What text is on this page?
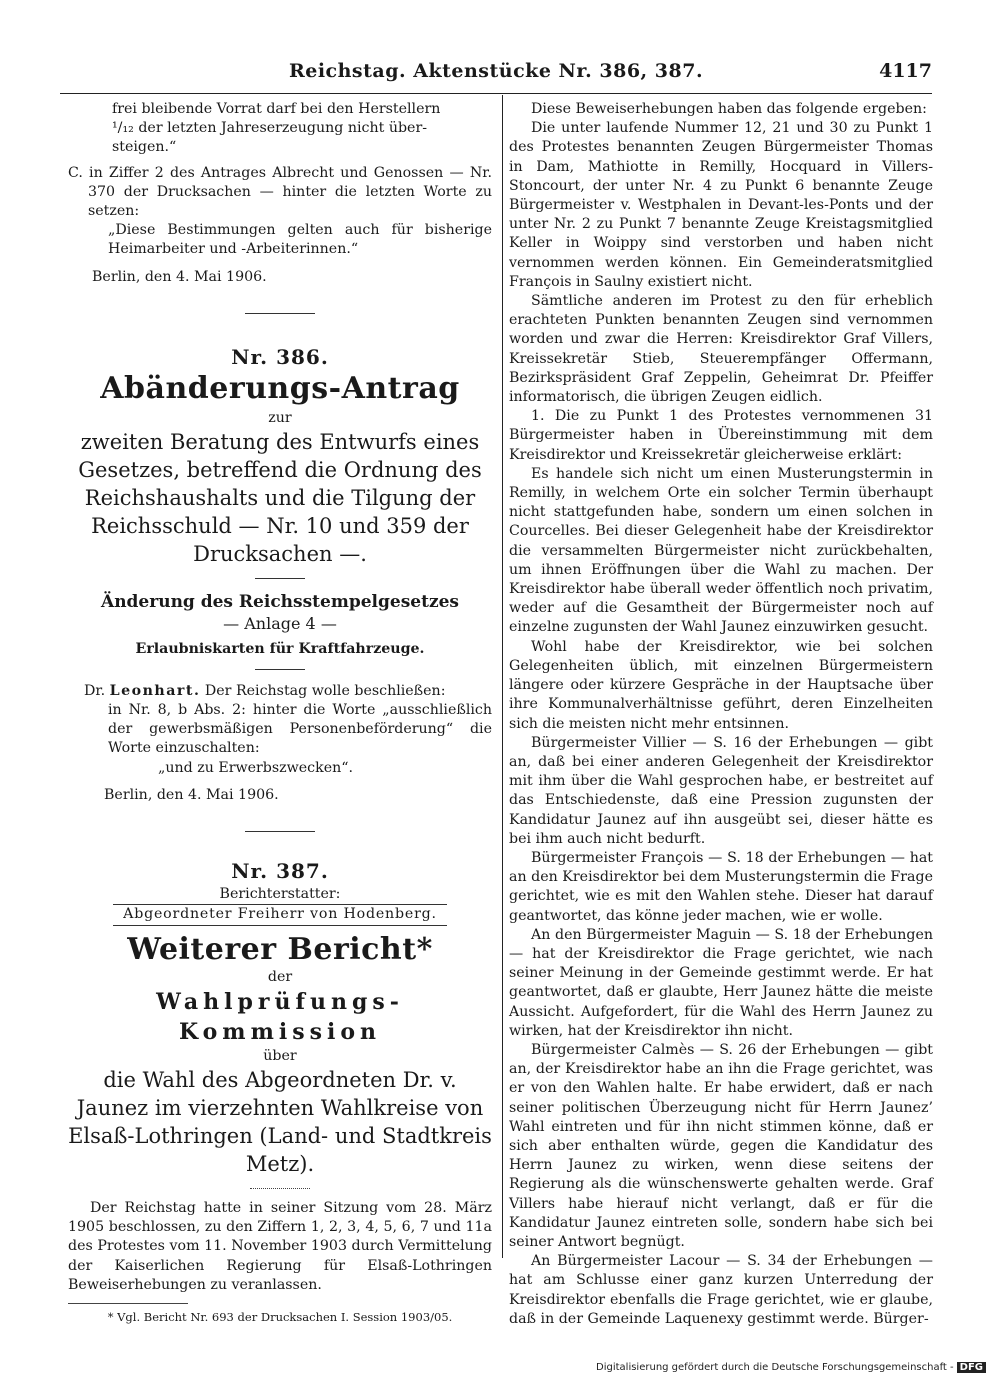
Reichstag. Aktenstücke Nr. 386, 387.	4117

frei bleibende Vorrat darf bei den Herstellern

¹/₁₂ der letzten Jahreserzeugung nicht über-

steigen.“

C. in Ziffer 2 des Antrages Albrecht und Genossen — Nr. 370 der Drucksachen — hinter die letzten Worte zu setzen:

„Diese Bestimmungen gelten auch für bisherige Heimarbeiter und -Arbeiterinnen.“

Berlin, den 4. Mai 1906.

Nr. 386.

Abänderungs-Antrag

zur

zweiten Beratung des Entwurfs eines Gesetzes, betreffend die Ordnung des Reichshaushalts und die Tilgung der Reichsschuld — Nr. 10 und 359 der Drucksachen —.

Änderung des Reichsstempelgesetzes

— Anlage 4 —

Erlaubniskarten für Kraftfahrzeuge.

Dr. Leonhart. Der Reichstag wolle beschließen:

in Nr. 8, b Abs. 2: hinter die Worte „ausschließlich der gewerbsmäßigen Personenbeförderung“ die Worte einzuschalten:

„und zu Erwerbszwecken“.

Berlin, den 4. Mai 1906.

Nr. 387.

Berichterstatter:

Abgeordneter Freiherr von Hodenberg.

Weiterer Bericht*

der

Wahlprüfungs-Kommission

über

die Wahl des Abgeordneten Dr. v. Jaunez im vierzehnten Wahlkreise von Elsaß-Lothringen (Land- und Stadtkreis Metz).

Der Reichstag hatte in seiner Sitzung vom 28. März 1905 beschlossen, zu den Ziffern 1, 2, 3, 4, 5, 6, 7 und 11a des Protestes vom 11. November 1903 durch Vermittelung der Kaiserlichen Regierung für Elsaß-Lothringen Beweiserhebungen zu veranlassen.

* Vgl. Bericht Nr. 693 der Drucksachen I. Session 1903/05.

Diese Beweiserhebungen haben das folgende ergeben:

Die unter laufende Nummer 12, 21 und 30 zu Punkt 1 des Protestes benannten Zeugen Bürgermeister Thomas in Dam, Mathiotte in Remilly, Hocquard in Villers-Stoncourt, der unter Nr. 4 zu Punkt 6 benannte Zeuge Bürgermeister v. Westphalen in Devant-les-Ponts und der unter Nr. 2 zu Punkt 7 benannte Zeuge Kreistagsmitglied Keller in Woippy sind verstorben und haben nicht vernommen werden können. Ein Gemeinderatsmitglied François in Saulny existiert nicht.

Sämtliche anderen im Protest zu den für erheblich erachteten Punkten benannten Zeugen sind vernommen worden und zwar die Herren: Kreisdirektor Graf Villers, Kreissekretär Stieb, Steuerempfänger Offermann, Bezirkspräsident Graf Zeppelin, Geheimrat Dr. Pfeiffer informatorisch, die übrigen Zeugen eidlich.

1. Die zu Punkt 1 des Protestes vernommenen 31 Bürgermeister haben in Übereinstimmung mit dem Kreisdirektor und Kreissekretär gleicherweise erklärt:

Es handele sich nicht um einen Musterungstermin in Remilly, in welchem Orte ein solcher Termin überhaupt nicht stattgefunden habe, sondern um einen solchen in Courcelles. Bei dieser Gelegenheit habe der Kreisdirektor die versammelten Bürgermeister nicht zurückbehalten, um ihnen Eröffnungen über die Wahl zu machen. Der Kreisdirektor habe überall weder öffentlich noch privatim, weder auf die Gesamtheit der Bürgermeister noch auf einzelne zugunsten der Wahl Jaunez einzuwirken gesucht.

Wohl habe der Kreisdirektor, wie bei solchen Gelegenheiten üblich, mit einzelnen Bürgermeistern längere oder kürzere Gespräche in der Hauptsache über ihre Kommunalverhältnisse geführt, deren Einzelheiten sich die meisten nicht mehr entsinnen.

Bürgermeister Villier — S. 16 der Erhebungen — gibt an, daß bei einer anderen Gelegenheit der Kreisdirektor mit ihm über die Wahl gesprochen habe, er bestreitet auf das Entschiedenste, daß eine Pression zugunsten der Kandidatur Jaunez auf ihn ausgeübt sei, dieser hätte es bei ihm auch nicht bedurft.

Bürgermeister François — S. 18 der Erhebungen — hat an den Kreisdirektor bei dem Musterungstermin die Frage gerichtet, wie es mit den Wahlen stehe. Dieser hat darauf geantwortet, das könne jeder machen, wie er wolle.

An den Bürgermeister Maguin — S. 18 der Erhebungen — hat der Kreisdirektor die Frage gerichtet, wie nach seiner Meinung in der Gemeinde gestimmt werde. Er hat geantwortet, daß er glaubte, Herr Jaunez hätte die meiste Aussicht. Aufgefordert, für die Wahl des Herrn Jaunez zu wirken, hat der Kreisdirektor ihn nicht.

Bürgermeister Calmès — S. 26 der Erhebungen — gibt an, der Kreisdirektor habe an ihn die Frage gerichtet, was er von den Wahlen halte. Er habe erwidert, daß er nach seiner politischen Überzeugung nicht für Herrn Jaunez’ Wahl eintreten und für ihn nicht stimmen könne, daß er sich aber enthalten würde, gegen die Kandidatur des Herrn Jaunez zu wirken, wenn diese seitens der Regierung als die wünschenswerte gehalten werde. Graf Villers habe hierauf nicht verlangt, daß er für die Kandidatur Jaunez eintreten solle, sondern habe sich bei seiner Antwort begnügt.

An Bürgermeister Lacour — S. 34 der Erhebungen — hat am Schlusse einer ganz kurzen Unterredung der Kreisdirektor ebenfalls die Frage gerichtet, wie er glaube, daß in der Gemeinde Laquenexy gestimmt werde. Bürger-

Digitalisierung gefördert durch die Deutsche Forschungsgemeinschaft - DFG
